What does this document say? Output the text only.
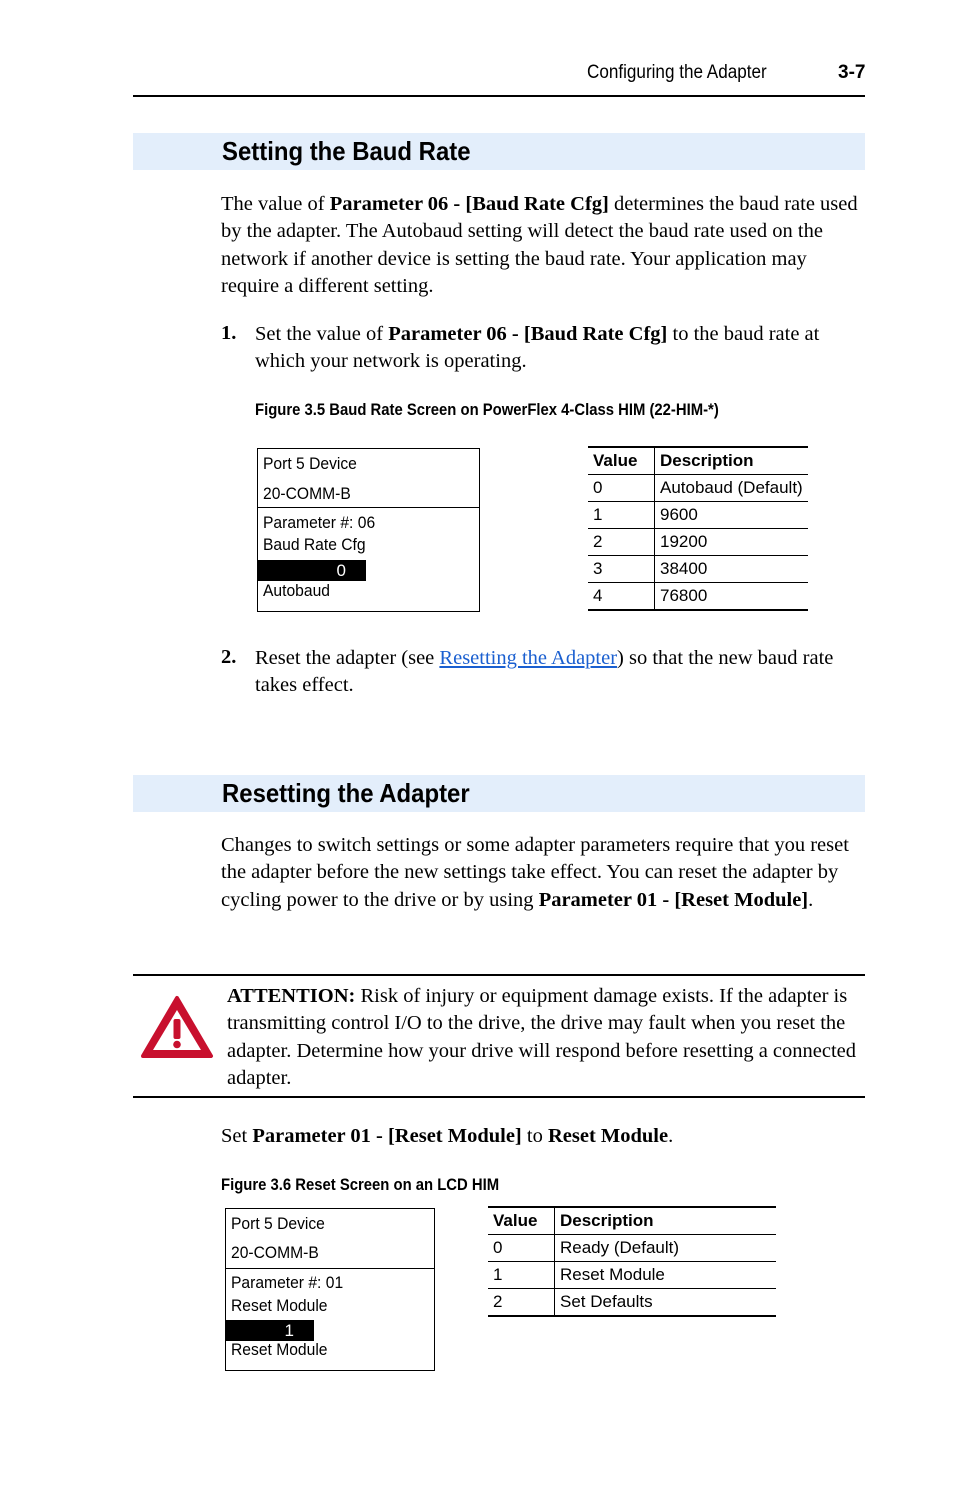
Configuring the Adapter	3-7
Setting the Baud Rate
The value of Parameter 06 - [Baud Rate Cfg] determines the baud rate used by the adapter. The Autobaud setting will detect the baud rate used on the network if another device is setting the baud rate. Your application may require a different setting.
1. Set the value of Parameter 06 - [Baud Rate Cfg] to the baud rate at which your network is operating.
Figure 3.5 Baud Rate Screen on PowerFlex 4-Class HIM (22-HIM-*)
Port 5 Device
20-COMM-B
Parameter #: 06
Baud Rate Cfg
0
Autobaud
Value	Description
0	Autobaud (Default)
1	9600
2	19200
3	38400
4	76800
2. Reset the adapter (see Resetting the Adapter) so that the new baud rate takes effect.
Resetting the Adapter
Changes to switch settings or some adapter parameters require that you reset the adapter before the new settings take effect. You can reset the adapter by cycling power to the drive or by using Parameter 01 - [Reset Module].
ATTENTION: Risk of injury or equipment damage exists. If the adapter is transmitting control I/O to the drive, the drive may fault when you reset the adapter. Determine how your drive will respond before resetting a connected adapter.
Set Parameter 01 - [Reset Module] to Reset Module.
Figure 3.6 Reset Screen on an LCD HIM
Port 5 Device
20-COMM-B
Parameter #: 01
Reset Module
1
Reset Module
Value	Description
0	Ready (Default)
1	Reset Module
2	Set Defaults
